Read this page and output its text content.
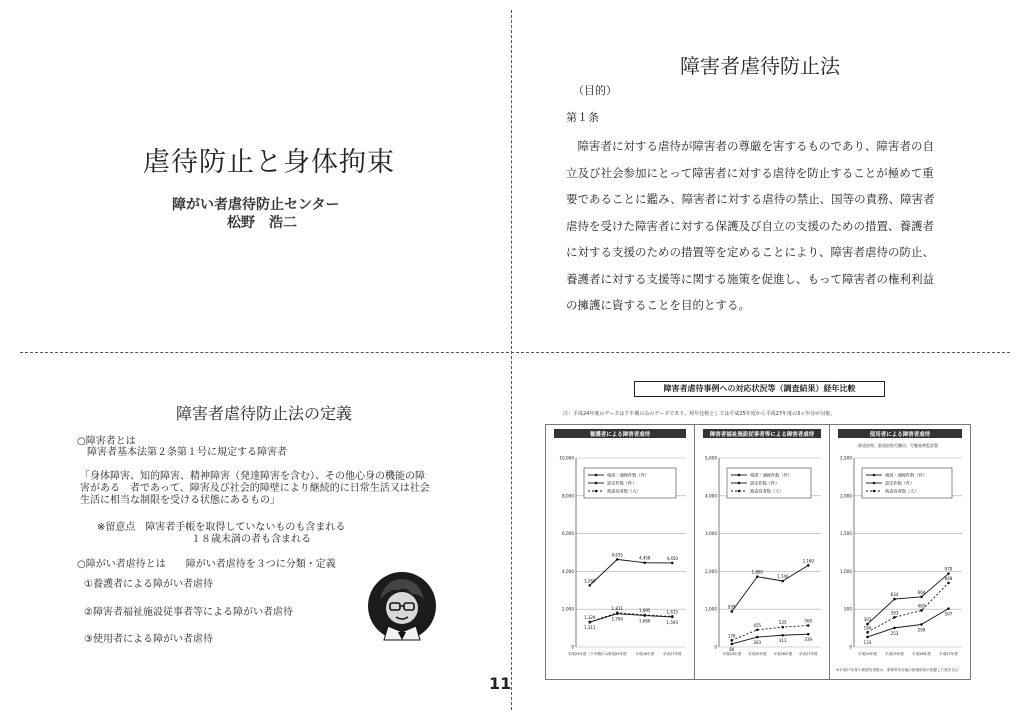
虐待防止と身体拘束
障がい者虐待防止センター
松野　浩二
障害者虐待防止法
（目的）
第１条
　障害者に対する虐待が障害者の尊厳を害するものであり、障害者の自
立及び社会参加にとって障害者に対する虐待を防止することが極めて重
要であることに鑑み、障害者に対する虐待の禁止、国等の責務、障害者
虐待を受けた障害者に対する保護及び自立の支援のための措置、養護者
に対する支援のための措置等を定めることにより、障害者虐待の防止、
養護者に対する支援等に関する施策を促進し、もって障害者の権利利益
の擁護に資することを目的とする。
障害者虐待防止法の定義
○障害者とは
　障害者基本法第２条第１号に規定する障害者
「身体障害、知的障害、精神障害（発達障害を含む）、その他心身の機能の障
害がある　者であって、障害及び社会的障壁により継続的に日常生活又は社会
生活に相当な制限を受ける状態にあるもの」
※留意点　障害者手帳を取得していないものも含まれる
１８歳未満の者も含まれる
○障がい者虐待とは　　障がい者虐待を３つに分類・定義
①養護者による障がい者虐待
②障害者福祉施設従事者等による障がい者虐待
③使用者による障がい者虐待
障害者虐待事例への対応状況等（調査結果）経年比較
注：平成24年度のデータは下半期のみのデータであり、経年比較としては平成25年度から平成27年度の3ヶ年分が対象。
養護者による障害者虐待
0
2,000
4,000
6,000
8,000
10,000
平成24年度（下半期のみ）
平成25年度 平成26年度 平成27年度
相談・通報件数（件）
認定件数（件）
被虐待者数（人）
3,260
4,635
4,458	4,450
1,311
1,764	1,666	1,593
1,329
1,811	1,695	1,615
障害者福祉施設従事者等による障害者虐待
0
1,000
2,000
3,000
4,000
5,000
平成24年度 平成25年度 平成26年度 平成27年度
相談・通報件数（件）
認定件数（件）
被虐待者数（人）
939
1,860
1,746
2,160
80
263	311	339
176
455
525	569
使用者による障害者虐待
都道府県、都道府県労働局、労働基準監督署
0
500
1,000
1,500
2,000
2,500
平成24年度 平成25年度 平成26年度 平成27年度
相談・通報件数（件）
認定件数（件）
被虐待者数（人）
303
634	664
970
133
253
299
507
194
393
483
848
※平成27年度の被虐待者数は、事業所所在地の都道府県が把握した数を含む
11
